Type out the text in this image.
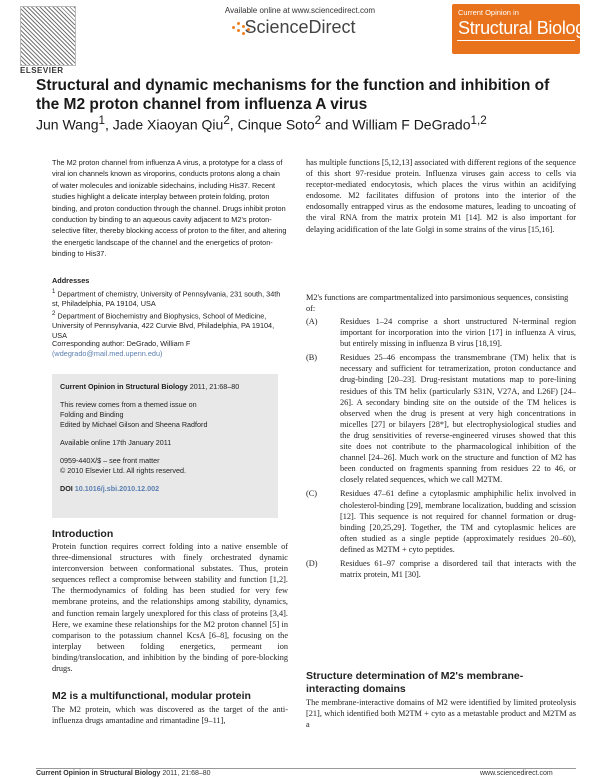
ELSEVIER
Available online at www.sciencedirect.com
ScienceDirect
Current Opinion in
Structural Biology
Structural and dynamic mechanisms for the function and inhibition of the M2 proton channel from influenza A virus
Jun Wang$^1$, Jade Xiaoyan Qiu$^2$, Cinque Soto$^2$ and William F DeGrado$^{1,2}$

The M2 proton channel from influenza A virus, a prototype for a class of viral ion channels known as viroporins, conducts protons along a chain of water molecules and ionizable sidechains, including His37. Recent studies highlight a delicate interplay between protein folding, proton binding, and proton conduction through the channel. Drugs inhibit proton conduction by binding to an aqueous cavity adjacent to M2's proton-selective filter, thereby blocking access of proton to the filter, and altering the energetic landscape of the channel and the energetics of proton-binding to His37.

Addresses

$^1$ Department of chemistry, University of Pennsylvania, 231 south, 34th st, Philadelphia, PA 19104, USA

$^2$ Department of Biochemistry and Biophysics, School of Medicine, University of Pennsylvania, 422 Curvie Blvd, Philadelphia, PA 19104, USA

Corresponding author: DeGrado, William F
(wdegrado@mail.med.upenn.edu)
Current Opinion in Structural Biology 2011, 21:68–80
This review comes from a themed issue on
Folding and Binding
Edited by Michael Gilson and Sheena Radford
Available online 17th January 2011
0959-440X/$ – see front matter
© 2010 Elsevier Ltd. All rights reserved.
DOI 10.1016/j.sbi.2010.12.002
Introduction

Protein function requires correct folding into a native ensemble of three-dimensional structures with finely orchestrated dynamic interconversion between conformational substates. Thus, protein sequences reflect a compromise between stability and function [1,2]. The thermodynamics of folding has been studied for very few membrane proteins, and the relationships among stability, dynamics, and function remain largely unexplored for this class of proteins [3,4]. Here, we examine these relationships for the M2 proton channel [5] in comparison to the potassium channel KcsA [6–8], focusing on the interplay between folding energetics, permeant ion binding/translocation, and inhibition by the binding of pore-blocking drugs.

M2 is a multifunctional, modular protein

The M2 protein, which was discovered as the target of the anti-influenza drugs amantadine and rimantadine [9–11],

has multiple functions [5,12,13] associated with different regions of the sequence of this short 97-residue protein. Influenza viruses gain access to cells via receptor-mediated endocytosis, which places the virus within an acidifying endosome. M2 facilitates diffusion of protons into the interior of the endosomally entrapped virus as the endosome matures, leading to uncoating of the viral RNA from the matrix protein M1 [14]. M2 is also important for delaying acidification of the late Golgi in some strains of the virus [15,16].

M2's functions are compartmentalized into parsimonious sequences, consisting of:
(A)	Residues 1–24 comprise a short unstructured N-terminal region important for incorporation into the virion [17] in influenza A virus, but entirely missing in influenza B virus [18,19].
(B)	Residues 25–46 encompass the transmembrane (TM) helix that is necessary and sufficient for tetramerization, proton conductance and drug-binding [20–23]. Drug-resistant mutations map to pore-lining residues of this TM helix (particularly S31N, V27A, and L26F) [24–26]. A secondary binding site on the outside of the TM helices is observed when the drug is present at very high concentrations in micelles [27] or bilayers [28*], but electrophysiological studies and the drug sensitivities of reverse-engineered viruses showed that this site does not contribute to the pharmacological inhibition of the channel [24–26]. Much work on the structure and function of M2 has been conducted on fragments spanning from residues 22 to 46, or closely related sequences, which we call M2TM.
(C)	Residues 47–61 define a cytoplasmic amphiphilic helix involved in cholesterol-binding [29], membrane localization, budding and scission [12]. This sequence is not required for channel formation or drug-binding [20,25,29]. Together, the TM and cytoplasmic helices are often studied as a single peptide (approximately residues 20–60), defined as M2TM + cyto peptides.
(D)	Residues 61–97 comprise a disordered tail that interacts with the matrix protein, M1 [30].
Structure determination of M2's membrane-interacting domains

The membrane-interactive domains of M2 were identified by limited proteolysis [21], which identified both M2TM + cyto as a metastable product and M2TM as a

Current Opinion in Structural Biology 2011, 21:68–80	www.sciencedirect.com
